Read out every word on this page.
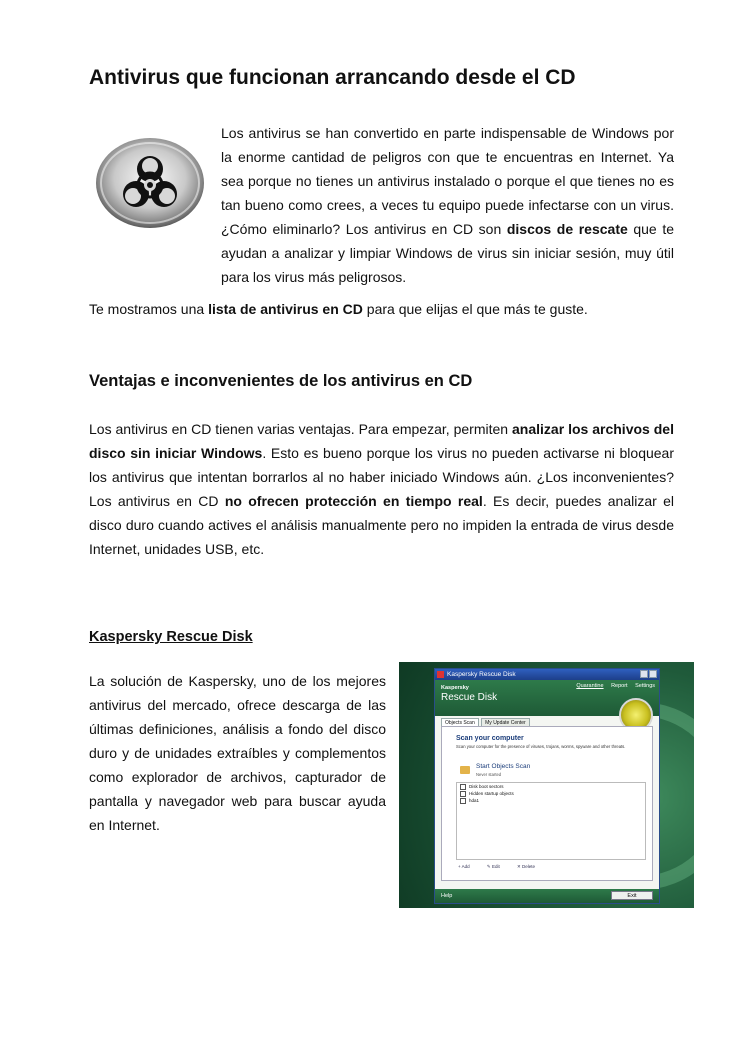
Antivirus que funcionan arrancando desde el CD

Los antivirus se han convertido en parte indispensable de Windows por la enorme cantidad de peligros con que te encuentras en Internet. Ya sea porque no tienes un antivirus instalado o porque el que tienes no es tan bueno como crees, a veces tu equipo puede infectarse con un virus. ¿Cómo eliminarlo? Los antivirus en CD son discos de rescate que te ayudan a analizar y limpiar Windows de virus sin iniciar sesión, muy útil para los virus más peligrosos.

Te mostramos una lista de antivirus en CD para que elijas el que más te guste.

Ventajas e inconvenientes de los antivirus en CD

Los antivirus en CD tienen varias ventajas. Para empezar, permiten analizar los archivos del disco sin iniciar Windows. Esto es bueno porque los virus no pueden activarse ni bloquear los antivirus que intentan borrarlos al no haber iniciado Windows aún. ¿Los inconvenientes? Los antivirus en CD no ofrecen protección en tiempo real. Es decir, puedes analizar el disco duro cuando actives el análisis manualmente pero no impiden la entrada de virus desde Internet, unidades USB, etc.

Kaspersky Rescue Disk

La solución de Kaspersky, uno de los mejores antivirus del mercado, ofrece descarga de las últimas definiciones, análisis a fondo del disco duro y de unidades extraíbles y complementos como explorador de archivos, capturador de pantalla y navegador web para buscar ayuda en Internet.

Kaspersky Rescue Disk
Kaspersky
Rescue Disk
Quarantine Report Settings
Objects Scan My Update Center
Scan your computer
Scan your computer for the presence of viruses, trojans, worms, spyware and other threats.
Start Objects Scan
Never started
Disk boot sectors
Hidden startup objects
hda1
+ Add	✎ Edit	✕ Delete
Help	Exit
